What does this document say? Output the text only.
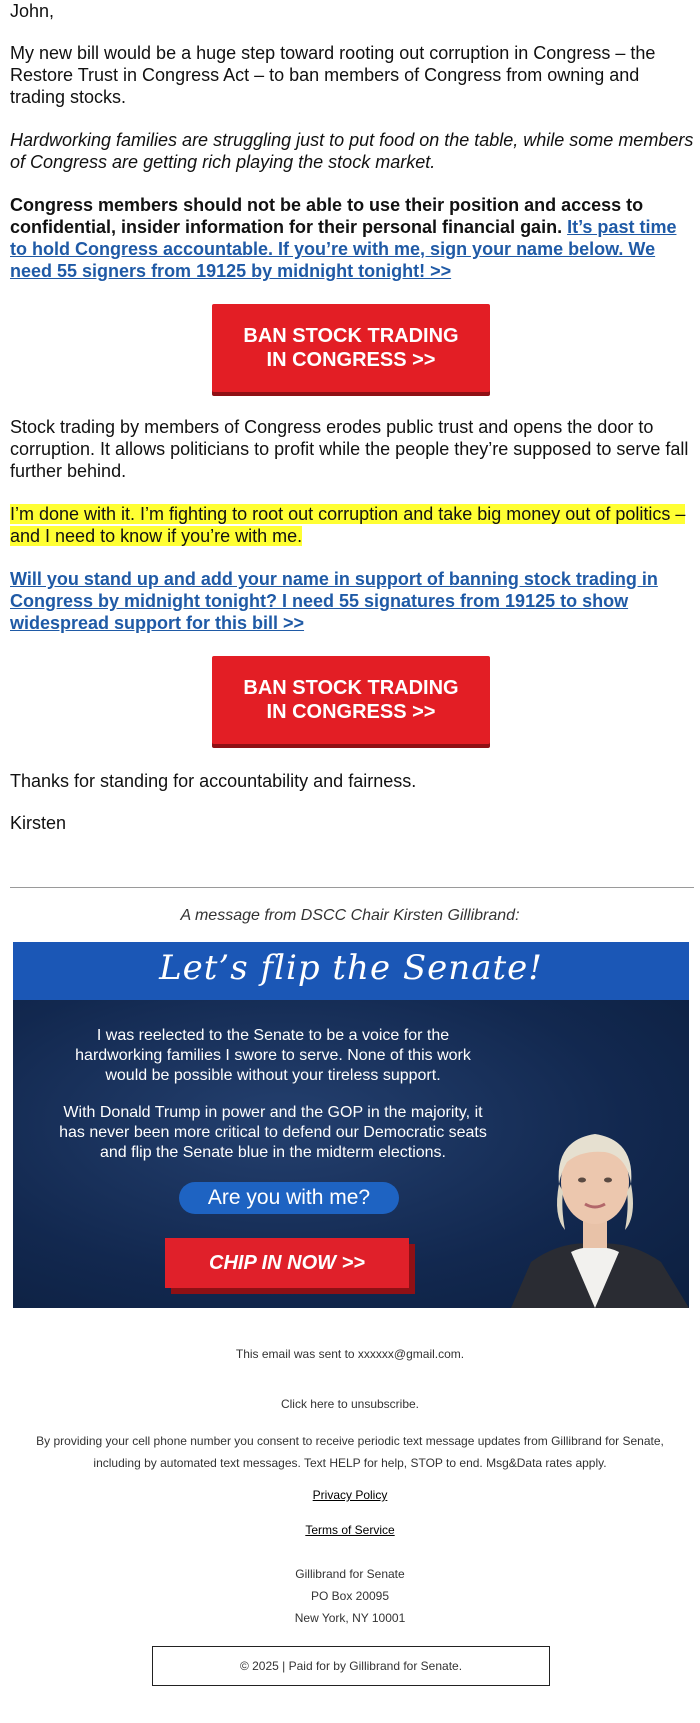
John,

My new bill would be a huge step toward rooting out corruption in Congress – the Restore Trust in Congress Act – to ban members of Congress from owning and trading stocks.

Hardworking families are struggling just to put food on the table, while some members of Congress are getting rich playing the stock market.

Congress members should not be able to use their position and access to confidential, insider information for their personal financial gain. It’s past time to hold Congress accountable. If you’re with me, sign your name below. We need 55 signers from 19125 by midnight tonight! >>

BAN STOCK TRADING IN CONGRESS >>

Stock trading by members of Congress erodes public trust and opens the door to corruption. It allows politicians to profit while the people they’re supposed to serve fall further behind.

I’m done with it. I’m fighting to root out corruption and take big money out of politics – and I need to know if you’re with me.

Will you stand up and add your name in support of banning stock trading in Congress by midnight tonight? I need 55 signatures from 19125 to show widespread support for this bill >>

BAN STOCK TRADING IN CONGRESS >>

Thanks for standing for accountability and fairness.

Kirsten

A message from DSCC Chair Kirsten Gillibrand:
Let’s flip the Senate!
I was reelected to the Senate to be a voice for the hardworking families I swore to serve. None of this work would be possible without your tireless support.
With Donald Trump in power and the GOP in the majority, it has never been more critical to defend our Democratic seats and flip the Senate blue in the midterm elections.
Are you with me?
CHIP IN NOW >>
This email was sent to xxxxxx@gmail.com.
Click here to unsubscribe.
By providing your cell phone number you consent to receive periodic text message updates from Gillibrand for Senate, including by automated text messages. Text HELP for help, STOP to end. Msg&Data rates apply.
Privacy Policy
Terms of Service
Gillibrand for Senate
PO Box 20095
New York, NY 10001
© 2025 | Paid for by Gillibrand for Senate.
